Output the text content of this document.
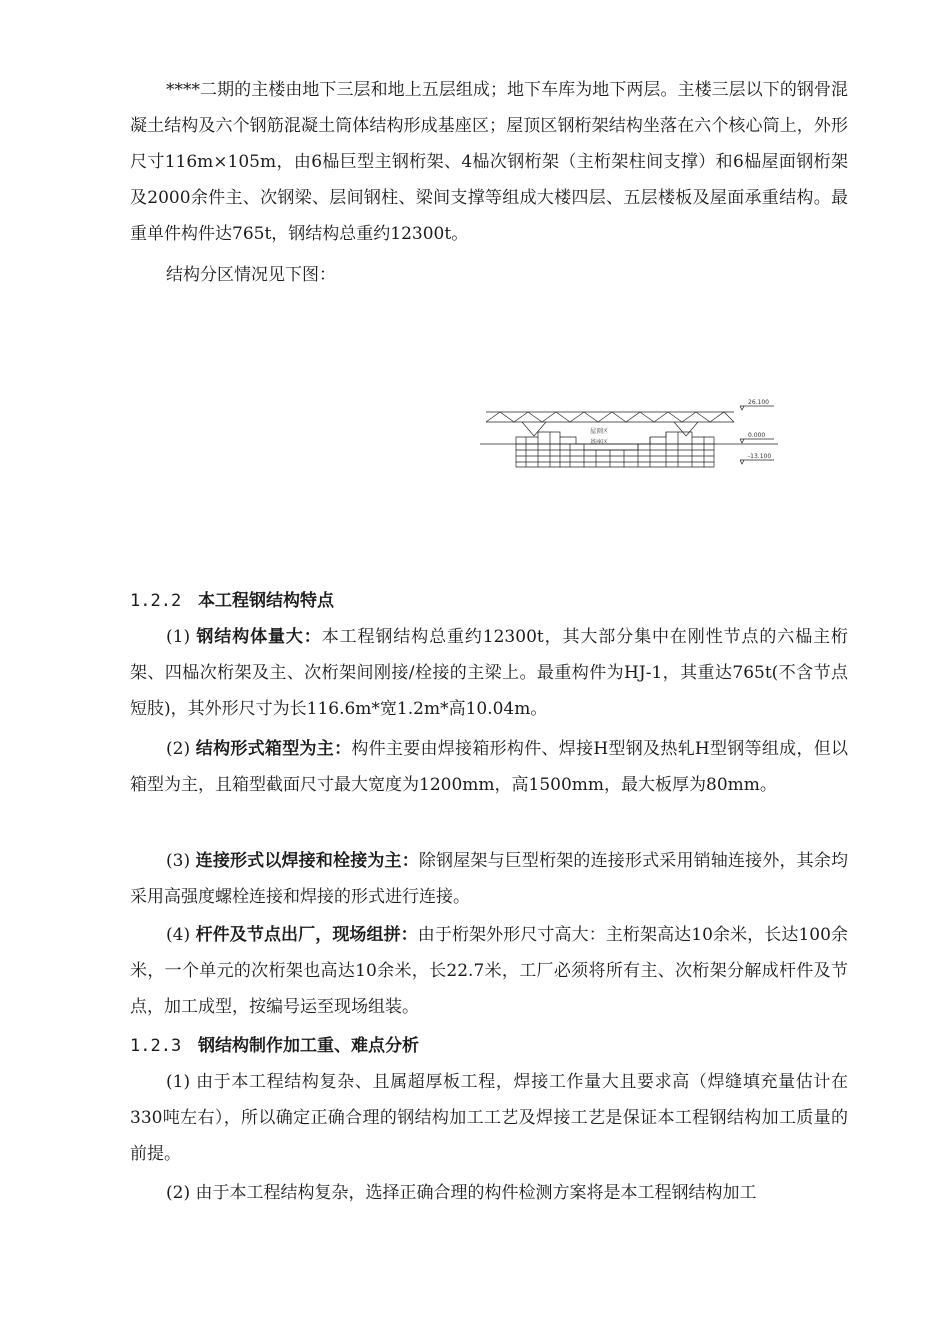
****二期的主楼由地下三层和地上五层组成；地下车库为地下两层。主楼三层以下的钢骨混凝土结构及六个钢筋混凝土筒体结构形成基座区；屋顶区钢桁架结构坐落在六个核心筒上，外形尺寸116m×105m，由6榀巨型主钢桁架、4榀次钢桁架（主桁架柱间支撑）和6榀屋面钢桁架及2000余件主、次钢梁、层间钢柱、梁间支撑等组成大楼四层、五层楼板及屋面承重结构。最重单件构件达765t，钢结构总重约12300t。

结构分区情况见下图：

屋顶区
基座区
26.100
0.000
-13.100
1.2.2 本工程钢结构特点

(1) 钢结构体量大：本工程钢结构总重约12300t，其大部分集中在刚性节点的六榀主桁架、四榀次桁架及主、次桁架间刚接/栓接的主梁上。最重构件为HJ-1，其重达765t(不含节点短肢)，其外形尺寸为长116.6m*宽1.2m*高10.04m。

(2) 结构形式箱型为主：构件主要由焊接箱形构件、焊接H型钢及热轧H型钢等组成，但以箱型为主，且箱型截面尺寸最大宽度为1200mm，高1500mm，最大板厚为80mm。

(3) 连接形式以焊接和栓接为主：除钢屋架与巨型桁架的连接形式采用销轴连接外，其余均采用高强度螺栓连接和焊接的形式进行连接。

(4) 杆件及节点出厂，现场组拼：由于桁架外形尺寸高大：主桁架高达10余米，长达100余米，一个单元的次桁架也高达10余米，长22.7米，工厂必须将所有主、次桁架分解成杆件及节点，加工成型，按编号运至现场组装。

1.2.3 钢结构制作加工重、难点分析

(1) 由于本工程结构复杂、且属超厚板工程，焊接工作量大且要求高（焊缝填充量估计在330吨左右），所以确定正确合理的钢结构加工工艺及焊接工艺是保证本工程钢结构加工质量的前提。

(2) 由于本工程结构复杂，选择正确合理的构件检测方案将是本工程钢结构加工
